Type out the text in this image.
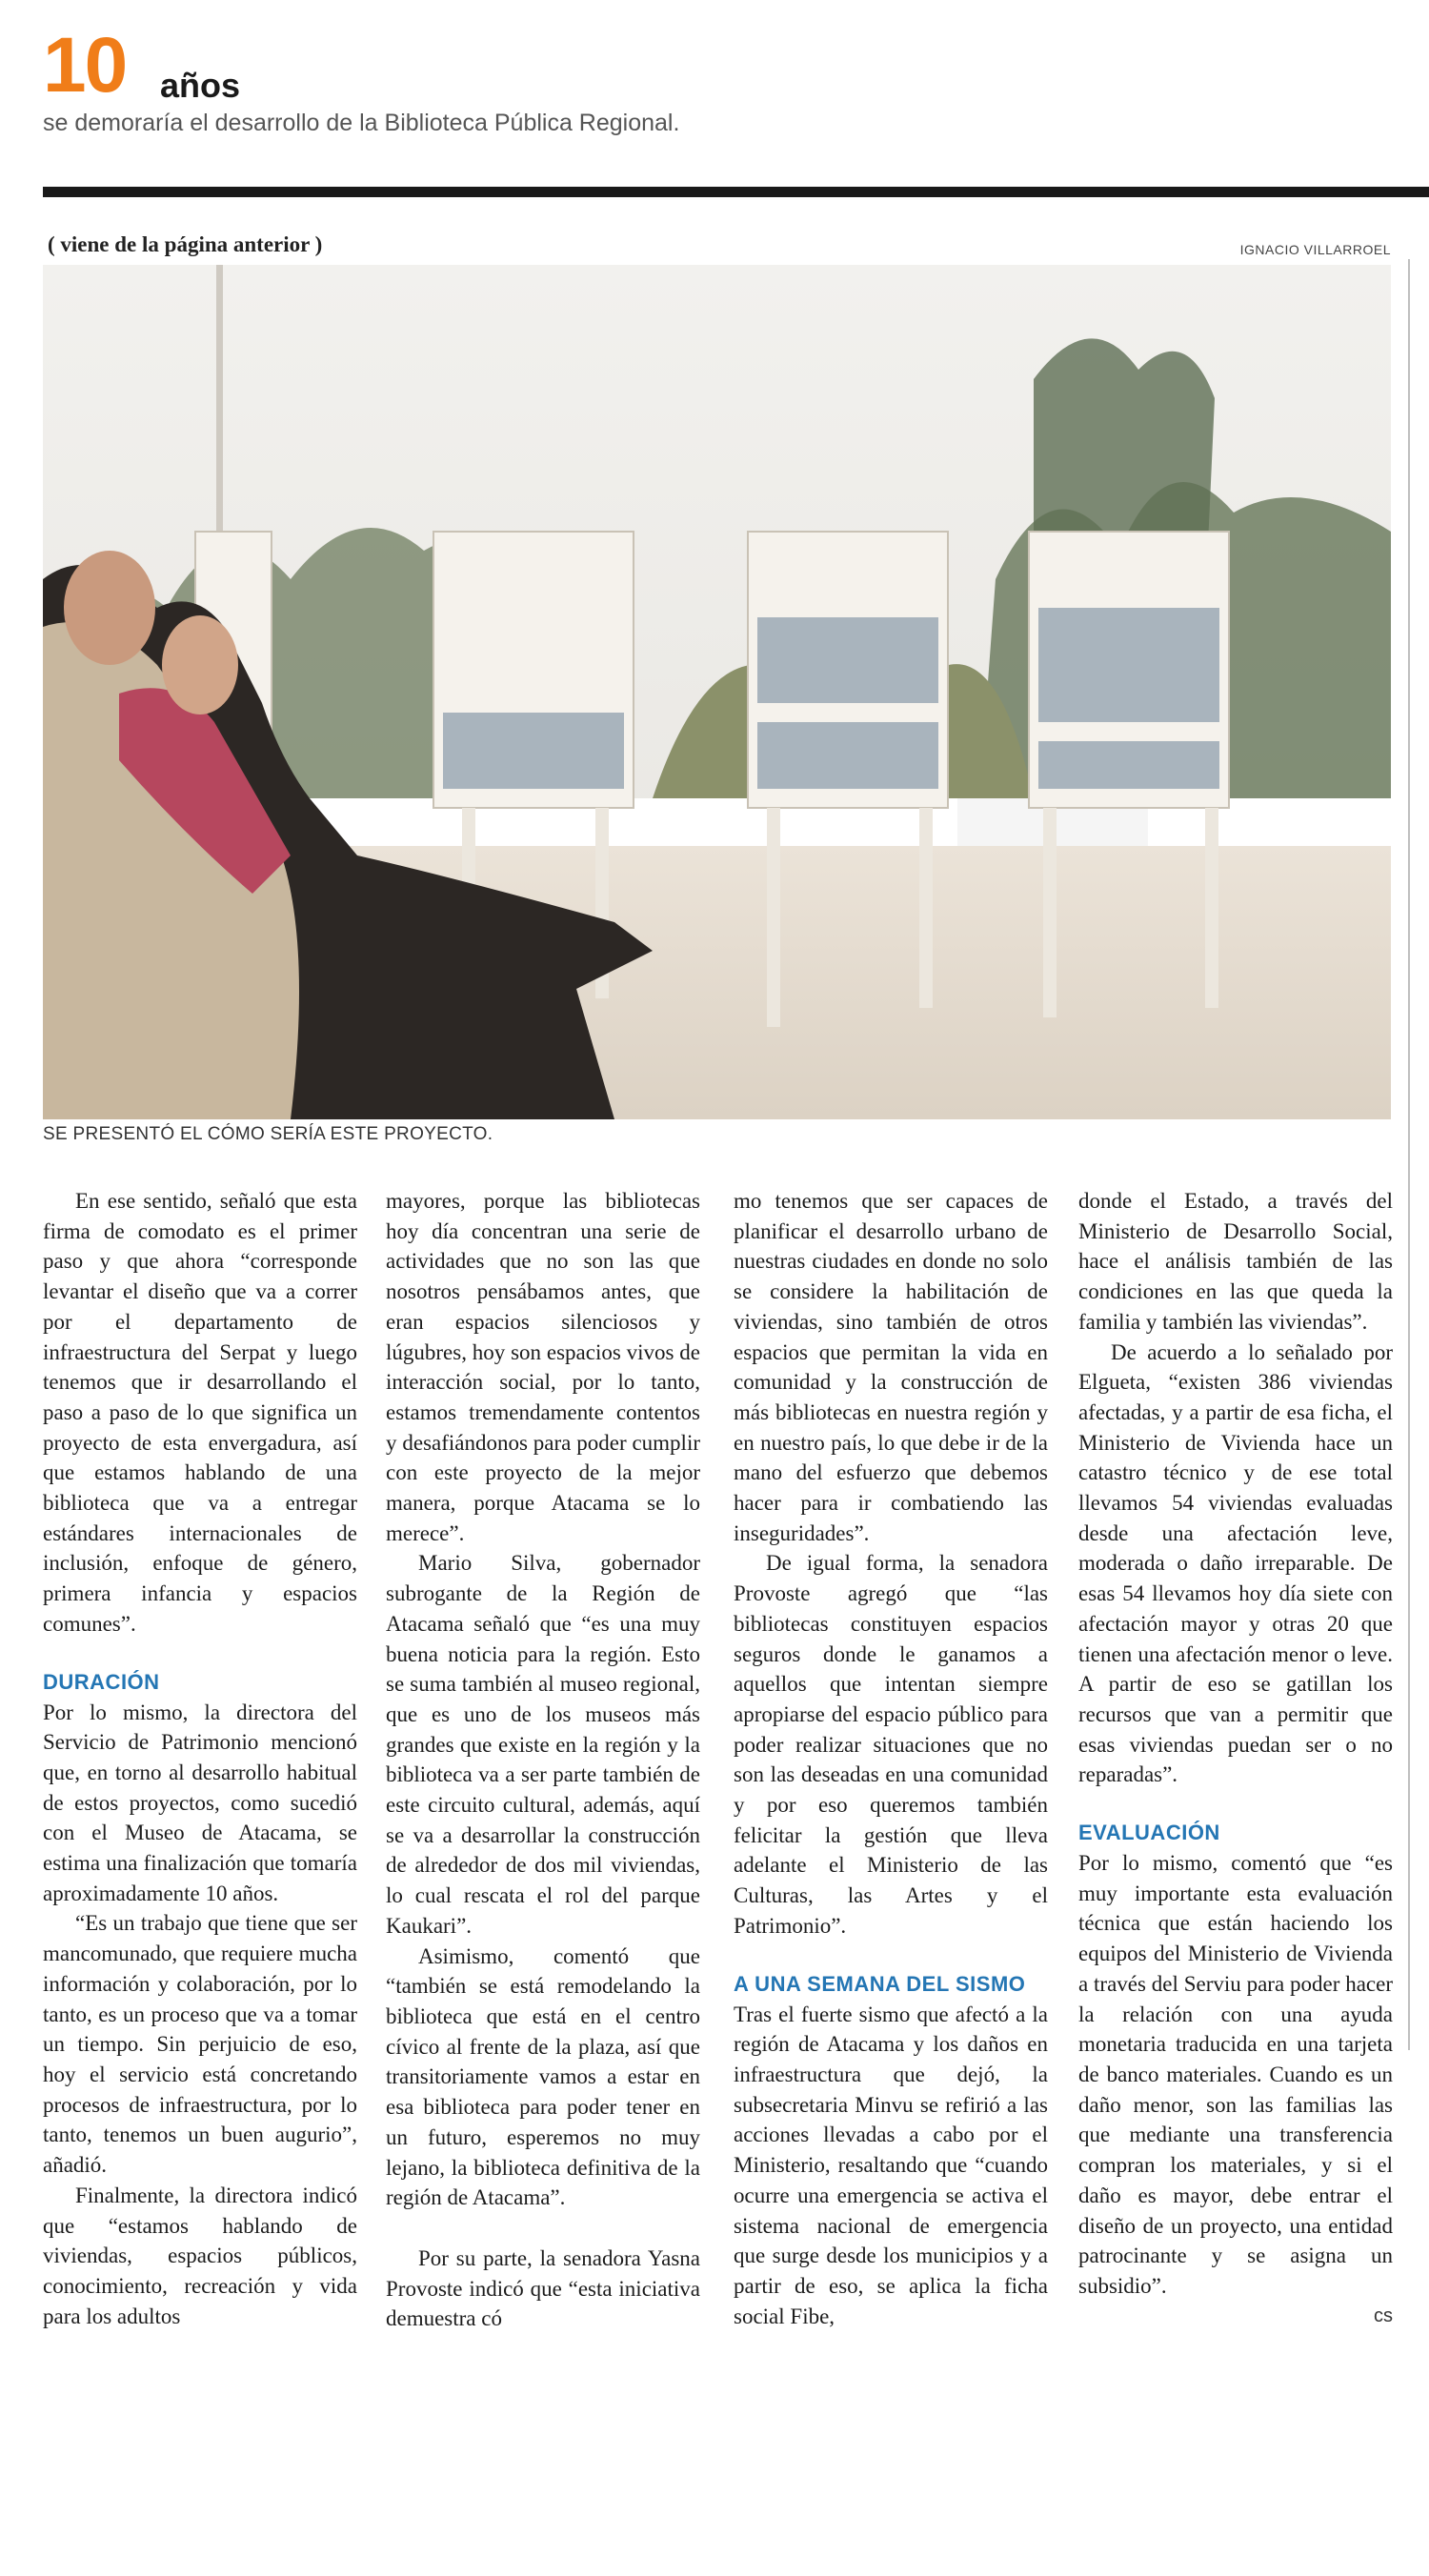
10 años
se demoraría el desarrollo de la Biblioteca Pública Regional.
( viene de la página anterior )	IGNACIO VILLARROEL
SE PRESENTÓ EL CÓMO SERÍA ESTE PROYECTO.

En ese sentido, señaló que esta firma de comodato es el primer paso y que ahora “corresponde levantar el diseño que va a correr por el departamento de infraestructura del Serpat y luego tenemos que ir desarrollando el paso a paso de lo que significa un proyecto de esta envergadura, así que estamos hablando de una biblioteca que va a entregar estándares internacionales de inclusión, enfoque de género, primera infancia y espacios comunes”.

DURACIÓN

Por lo mismo, la directora del Servicio de Patrimonio mencionó que, en torno al desarrollo habitual de estos proyectos, como sucedió con el Museo de Atacama, se estima una finalización que tomaría aproximadamente 10 años.

“Es un trabajo que tiene que ser mancomunado, que requiere mucha información y colaboración, por lo tanto, es un proceso que va a tomar un tiempo. Sin perjuicio de eso, hoy el servicio está concretando procesos de infraestructura, por lo tanto, tenemos un buen augurio”, añadió.

Finalmente, la directora indicó que “estamos hablando de viviendas, espacios públicos, conocimiento, recreación y vida para los adultos

mayores, porque las bibliotecas hoy día concentran una serie de actividades que no son las que nosotros pensábamos antes, que eran espacios silenciosos y lúgubres, hoy son espacios vivos de interacción social, por lo tanto, estamos tremendamente contentos y desafiándonos para poder cumplir con este proyecto de la mejor manera, porque Atacama se lo merece”.

Mario Silva, gobernador subrogante de la Región de Atacama señaló que “es una muy buena noticia para la región. Esto se suma también al museo regional, que es uno de los museos más grandes que existe en la región y la biblioteca va a ser parte también de este circuito cultural, además, aquí se va a desarrollar la construcción de alrededor de dos mil viviendas, lo cual rescata el rol del parque Kaukari”.

Asimismo, comentó que “también se está remodelando la biblioteca que está en el centro cívico al frente de la plaza, así que transitoriamente vamos a estar en esa biblioteca para poder tener en un futuro, esperemos no muy lejano, la biblioteca definitiva de la región de Atacama”.

Por su parte, la senadora Yasna Provoste indicó que “esta iniciativa demuestra có

mo tenemos que ser capaces de planificar el desarrollo urbano de nuestras ciudades en donde no solo se considere la habilitación de viviendas, sino también de otros espacios que permitan la vida en comunidad y la construcción de más bibliotecas en nuestra región y en nuestro país, lo que debe ir de la mano del esfuerzo que debemos hacer para ir combatiendo las inseguridades”.

De igual forma, la senadora Provoste agregó que “las bibliotecas constituyen espacios seguros donde le ganamos a aquellos que intentan siempre apropiarse del espacio público para poder realizar situaciones que no son las deseadas en una comunidad y por eso queremos también felicitar la gestión que lleva adelante el Ministerio de las Culturas, las Artes y el Patrimonio”.

A UNA SEMANA DEL SISMO

Tras el fuerte sismo que afectó a la región de Atacama y los daños en infraestructura que dejó, la subsecretaria Minvu se refirió a las acciones llevadas a cabo por el Ministerio, resaltando que “cuando ocurre una emergencia se activa el sistema nacional de emergencia que surge desde los municipios y a partir de eso, se aplica la ficha social Fibe,

donde el Estado, a través del Ministerio de Desarrollo Social, hace el análisis también de las condiciones en las que queda la familia y también las viviendas”.

De acuerdo a lo señalado por Elgueta, “existen 386 viviendas afectadas, y a partir de esa ficha, el Ministerio de Vivienda hace un catastro técnico y de ese total llevamos 54 viviendas evaluadas desde una afectación leve, moderada o daño irreparable. De esas 54 llevamos hoy día siete con afectación mayor y otras 20 que tienen una afectación menor o leve. A partir de eso se gatillan los recursos que van a permitir que esas viviendas puedan ser o no reparadas”.

EVALUACIÓN

Por lo mismo, comentó que “es muy importante esta evaluación técnica que están haciendo los equipos del Ministerio de Vivienda a través del Serviu para poder hacer la relación con una ayuda monetaria traducida en una tarjeta de banco materiales. Cuando es un daño menor, son las familias las que mediante una transferencia compran los materiales, y si el daño es mayor, debe entrar el diseño de un proyecto, una entidad patrocinante y se asigna un subsidio”.

cs
